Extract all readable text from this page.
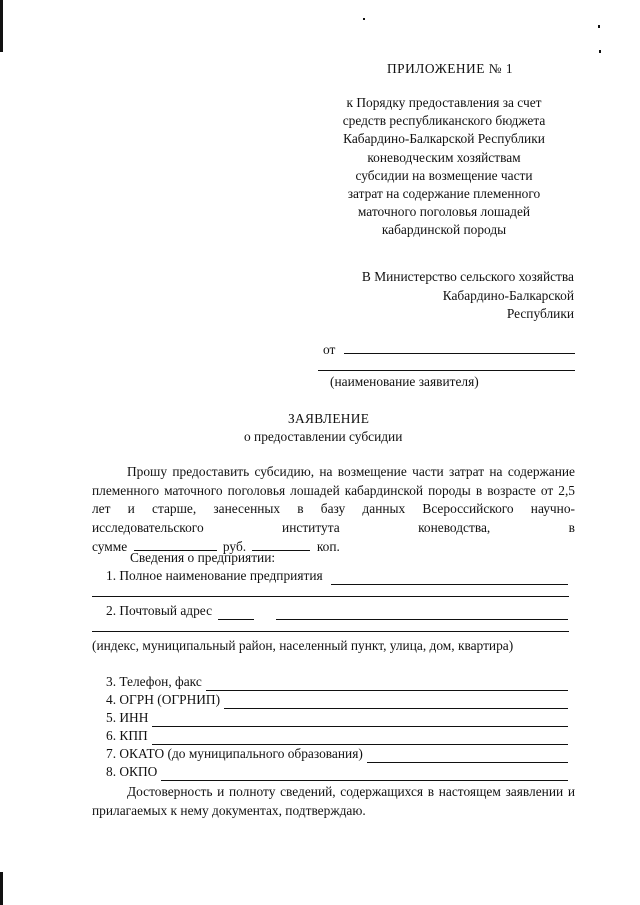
ПРИЛОЖЕНИЕ № 1
к Порядку предоставления за счет
средств республиканского бюджета
Кабардино-Балкарской Республики
коневодческим хозяйствам
субсидии на возмещение части
затрат на содержание племенного
маточного поголовья лошадей
кабардинской породы
В Министерство сельского хозяйства
Кабардино-Балкарской
Республики
от
(наименование заявителя)
ЗАЯВЛЕНИЕ
о предоставлении субсидии
Прошу предоставить субсидию, на возмещение части затрат на содержание племенного маточного поголовья лошадей кабардинской породы в возрасте от 2,5 лет и старше, занесенных в базу данных Всероссийского научно-исследовательского института коневодства, в
сумме	руб.	коп.
Сведения о предприятии:
1. Полное наименование предприятия
2. Почтовый адрес
(индекс, муниципальный район, населенный пункт, улица, дом, квартира)
3. Телефон, факс
4. ОГРН (ОГРНИП)
5. ИНН
6. КПП
7. ОКАТО (до муниципального образования)
8. ОКПО
Достоверность и полноту сведений, содержащихся в настоящем заявлении и прилагаемых к нему документах, подтверждаю.
